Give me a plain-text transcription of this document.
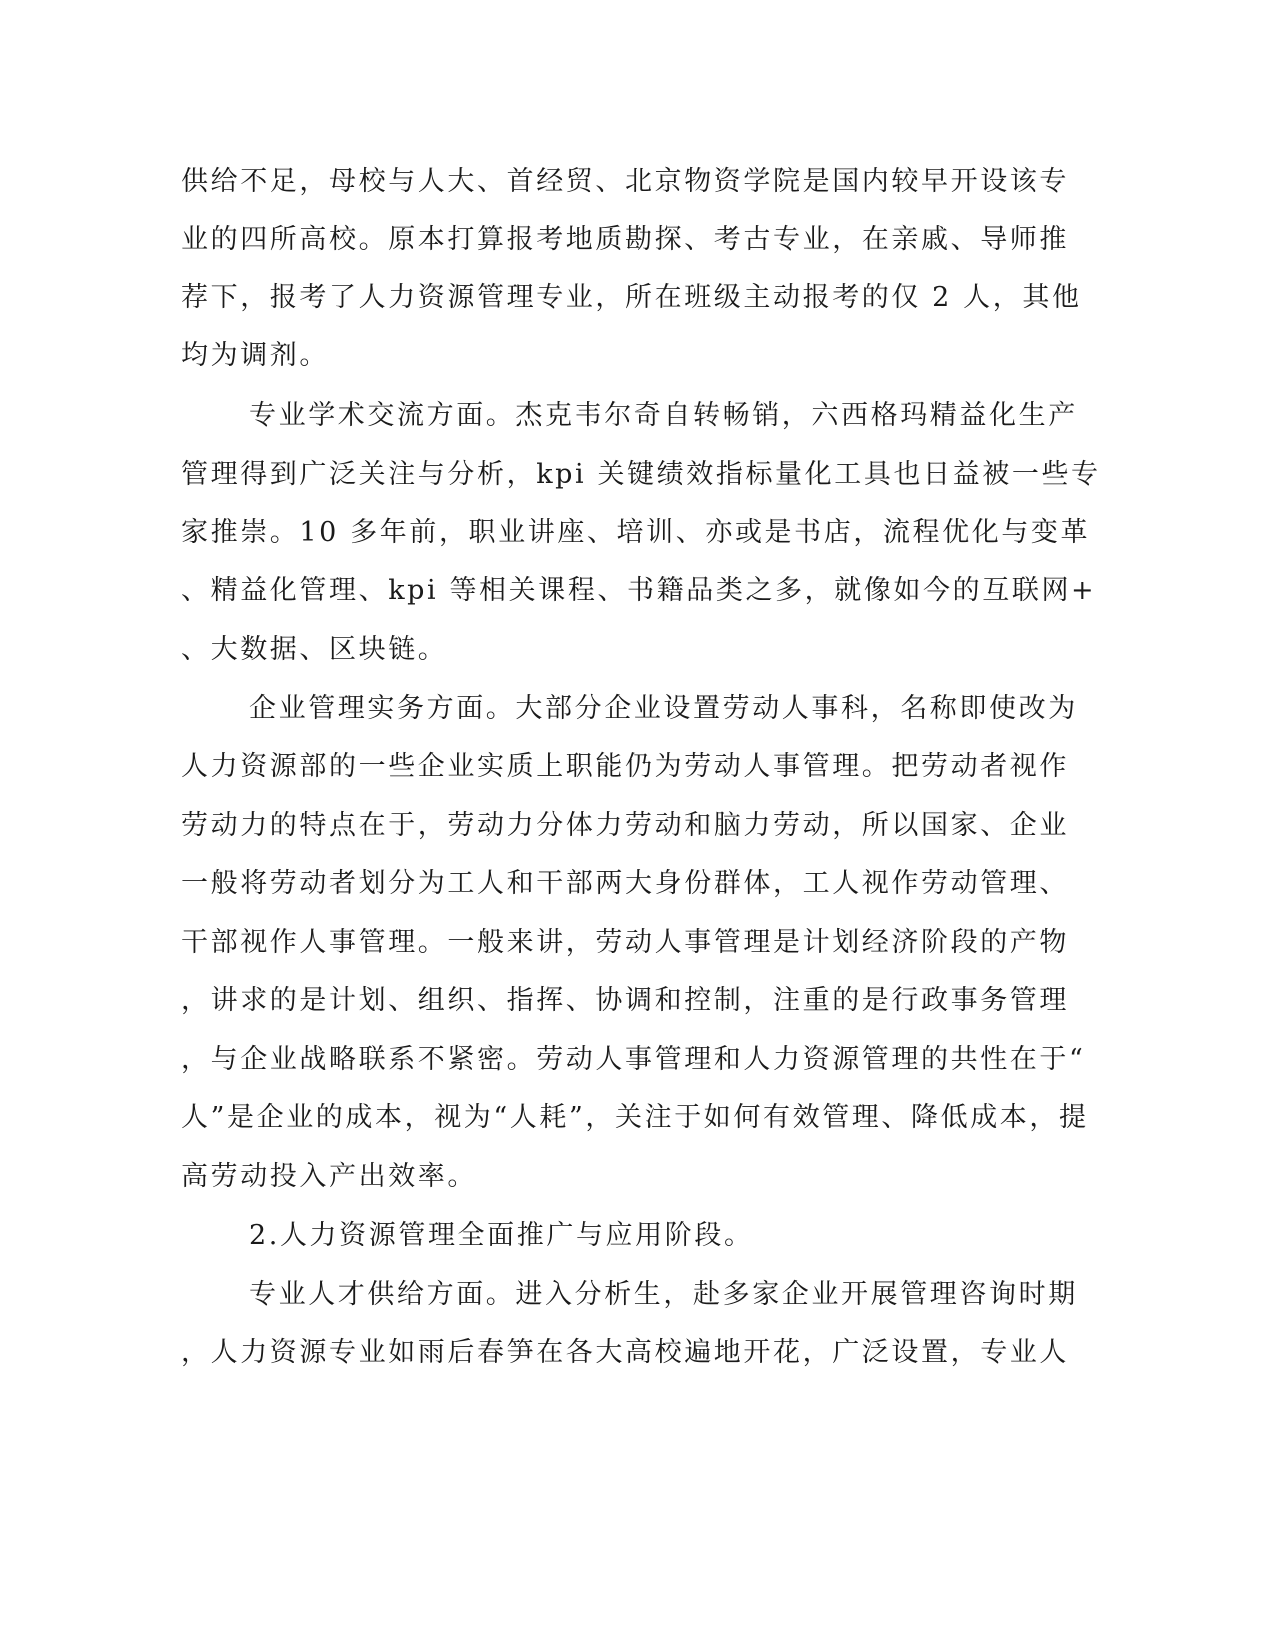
供给不足，母校与人大、首经贸、北京物资学院是国内较早开设该专
业的四所高校。原本打算报考地质勘探、考古专业，在亲戚、导师推
荐下，报考了人力资源管理专业，所在班级主动报考的仅 2 人，其他
均为调剂。
专业学术交流方面。杰克韦尔奇自转畅销，六西格玛精益化生产
管理得到广泛关注与分析，kpi 关键绩效指标量化工具也日益被一些专
家推崇。10 多年前，职业讲座、培训、亦或是书店，流程优化与变革
、精益化管理、kpi 等相关课程、书籍品类之多，就像如今的互联网+
、大数据、区块链。
企业管理实务方面。大部分企业设置劳动人事科，名称即使改为
人力资源部的一些企业实质上职能仍为劳动人事管理。把劳动者视作
劳动力的特点在于，劳动力分体力劳动和脑力劳动，所以国家、企业
一般将劳动者划分为工人和干部两大身份群体，工人视作劳动管理、
干部视作人事管理。一般来讲，劳动人事管理是计划经济阶段的产物
，讲求的是计划、组织、指挥、协调和控制，注重的是行政事务管理
，与企业战略联系不紧密。劳动人事管理和人力资源管理的共性在于“
人”是企业的成本，视为“人耗”，关注于如何有效管理、降低成本，提
高劳动投入产出效率。
2.人力资源管理全面推广与应用阶段。
专业人才供给方面。进入分析生，赴多家企业开展管理咨询时期
，人力资源专业如雨后春笋在各大高校遍地开花，广泛设置，专业人
